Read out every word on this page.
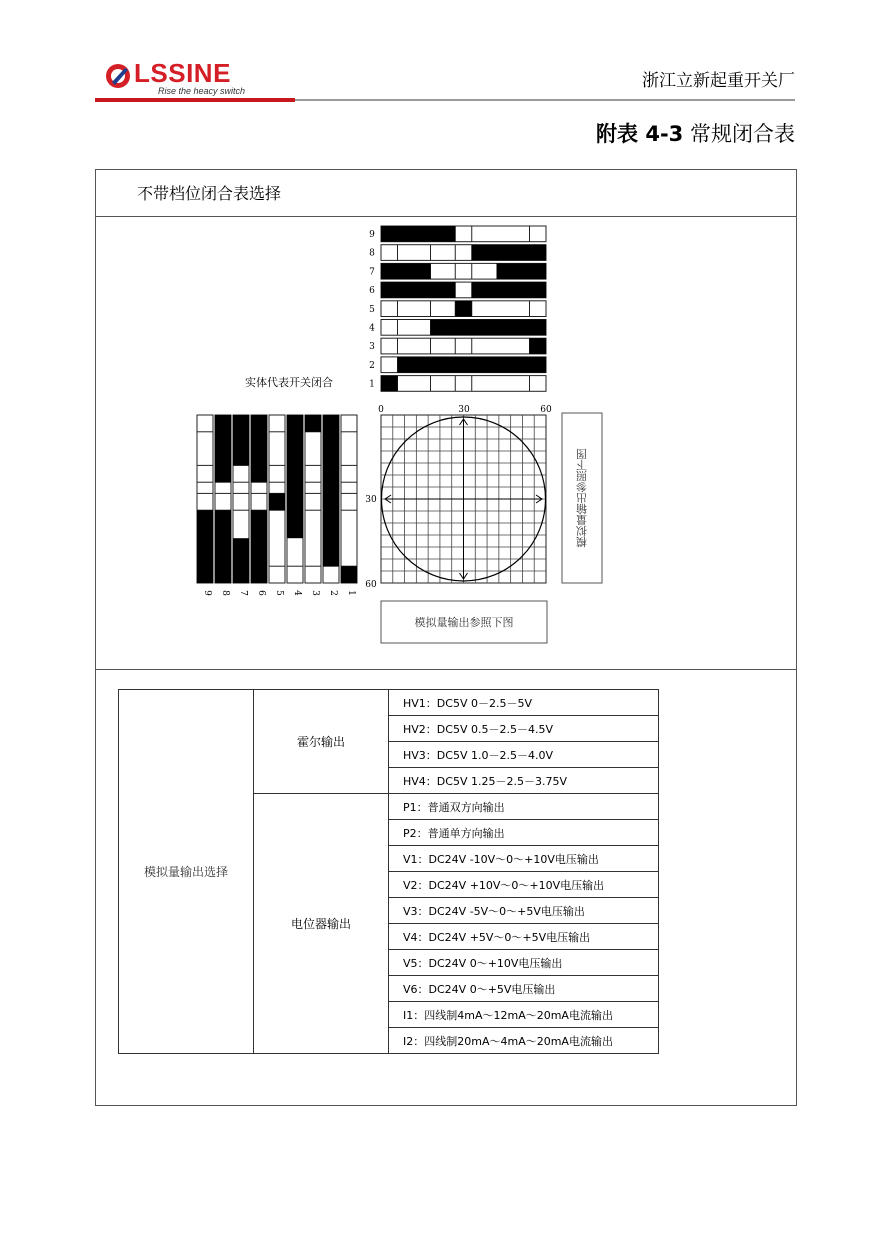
LSSINE
Rise the heacy switch	浙江立新起重开关厂
附表 4-3 常规闭合表
不带档位闭合表选择
9
8
7
6
5
4
3
2
1
9 8 7 6 5 4 3 2 1
实体代表开关闭合
0	30	60
30
60
模拟量输出参照下图
模拟量输出参照下图
模拟量输出选择	霍尔输出	HV1：DC5V 0－2.5－5V
		HV2：DC5V 0.5－2.5－4.5V
		HV3：DC5V 1.0－2.5－4.0V
		HV4：DC5V 1.25－2.5－3.75V
	电位器输出	P1：普通双方向输出
		P2：普通单方向输出
		V1：DC24V -10V～0～+10V电压输出
		V2：DC24V +10V～0～+10V电压输出
		V3：DC24V -5V～0～+5V电压输出
		V4：DC24V +5V～0～+5V电压输出
		V5：DC24V 0～+10V电压输出
		V6：DC24V 0～+5V电压输出
		I1：四线制4mA～12mA～20mA电流输出
		I2：四线制20mA～4mA～20mA电流输出
